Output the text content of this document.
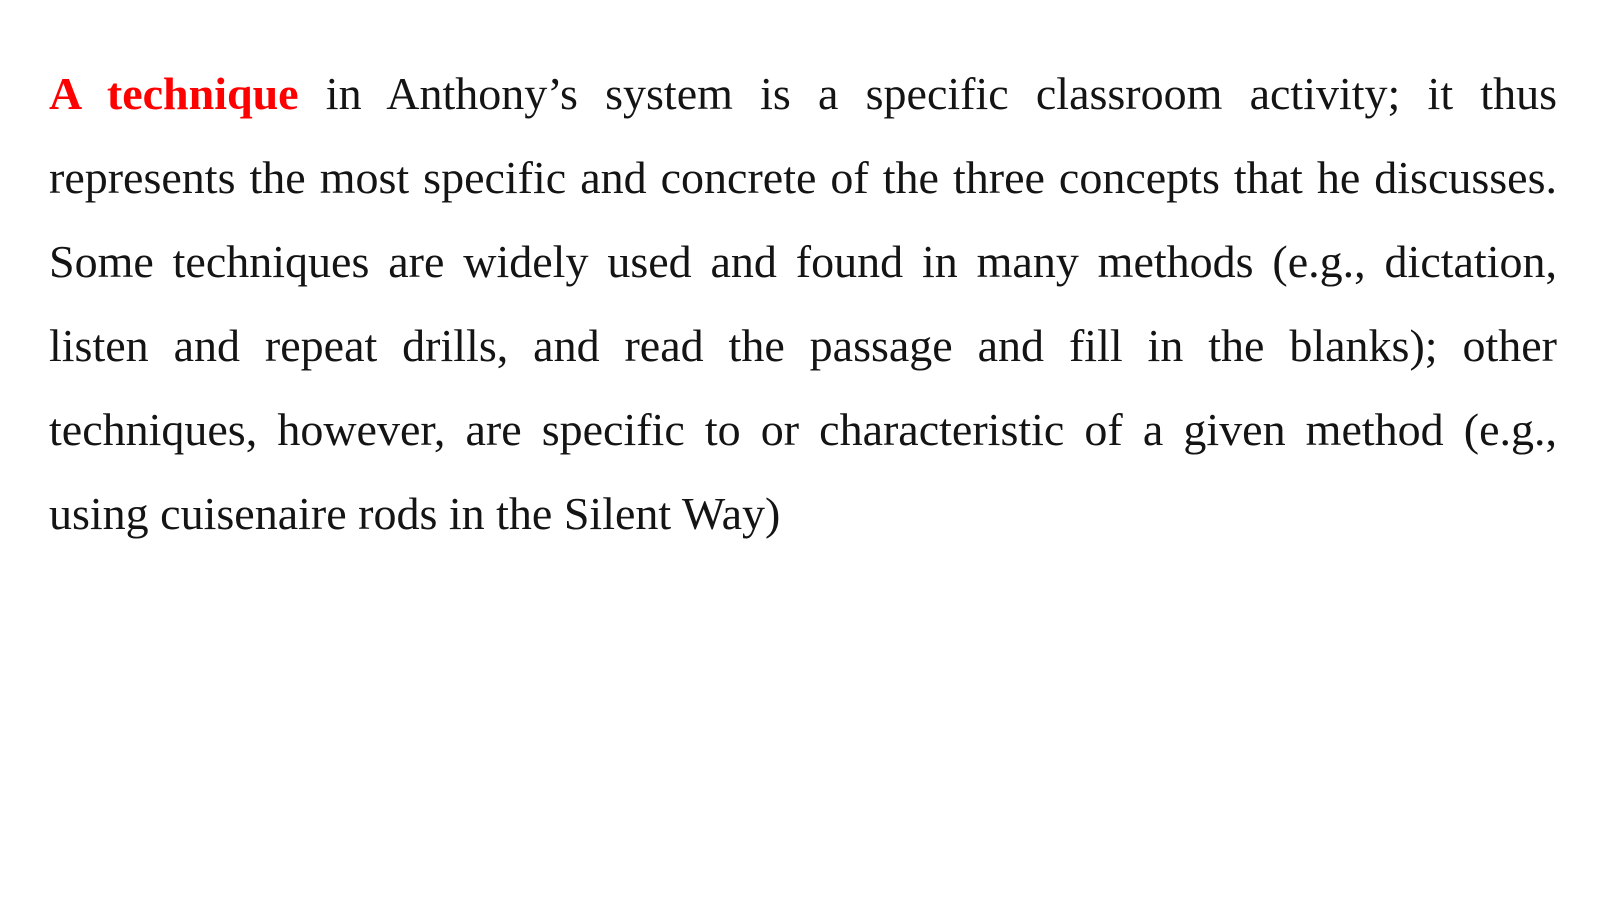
A technique in Anthony’s system is a specific classroom activity; it thus represents the most specific and concrete of the three concepts that he discusses. Some techniques are widely used and found in many methods (e.g., dictation, listen and repeat drills, and read the passage and fill in the blanks); other techniques, however, are specific to or characteristic of a given method (e.g., using cuisenaire rods in the Silent Way)
